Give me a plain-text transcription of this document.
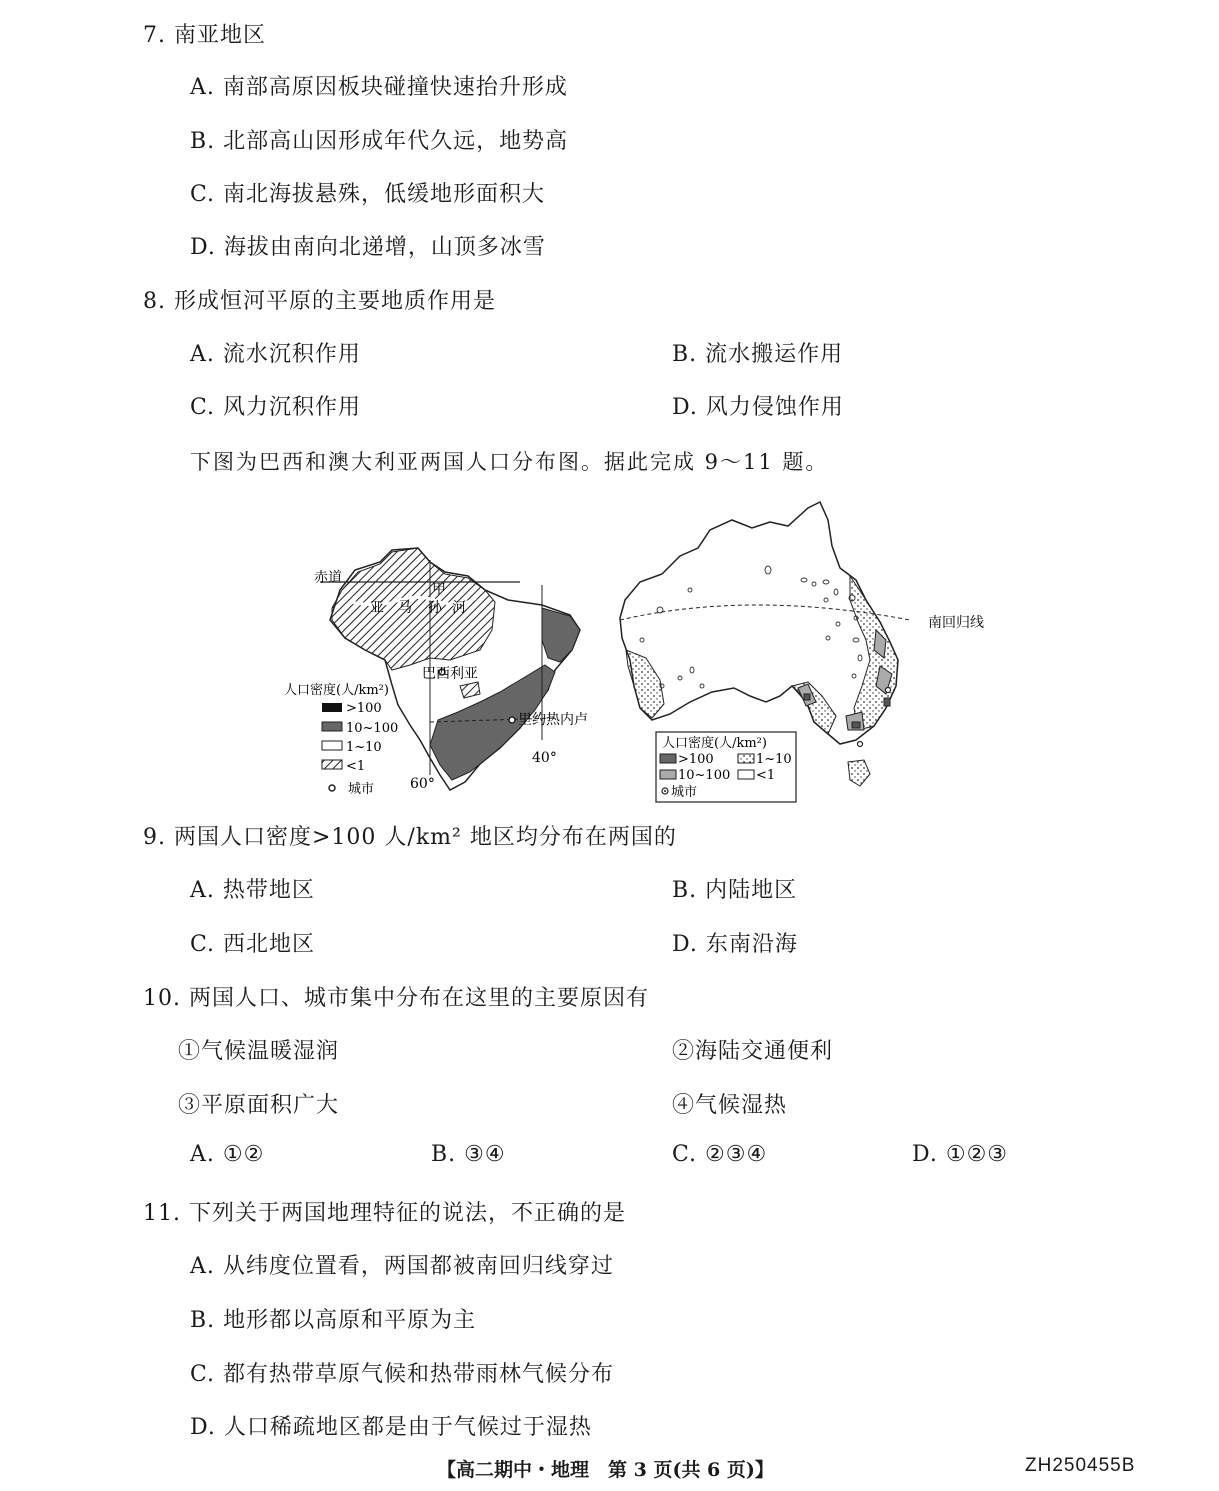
7. 南亚地区
A. 南部高原因板块碰撞快速抬升形成
B. 北部高山因形成年代久远，地势高
C. 南北海拔悬殊，低缓地形面积大
D. 海拔由南向北递增，山顶多冰雪
8. 形成恒河平原的主要地质作用是
A. 流水沉积作用	B. 流水搬运作用
C. 风力沉积作用	D. 风力侵蚀作用
下图为巴西和澳大利亚两国人口分布图。据此完成 9～11 题。
赤道
亚 马 孙
甲
河
巴西利亚
里约热内卢
60°
40°
人口密度(人/km²)
>100
10~100
1~10
<1
城市
南回归线
人口密度(人/km²)
>100	1~10
10~100 <1
城市
9. 两国人口密度>100 人/km² 地区均分布在两国的
A. 热带地区	B. 内陆地区
C. 西北地区	D. 东南沿海
10. 两国人口、城市集中分布在这里的主要原因有
①气候温暖湿润	②海陆交通便利
③平原面积广大	④气候湿热
A. ①②	B. ③④	C. ②③④	D. ①②③
11. 下列关于两国地理特征的说法，不正确的是
A. 从纬度位置看，两国都被南回归线穿过
B. 地形都以高原和平原为主
C. 都有热带草原气候和热带雨林气候分布
D. 人口稀疏地区都是由于气候过于湿热
【高二期中・地理　第 3 页(共 6 页)】	ZH250455B
